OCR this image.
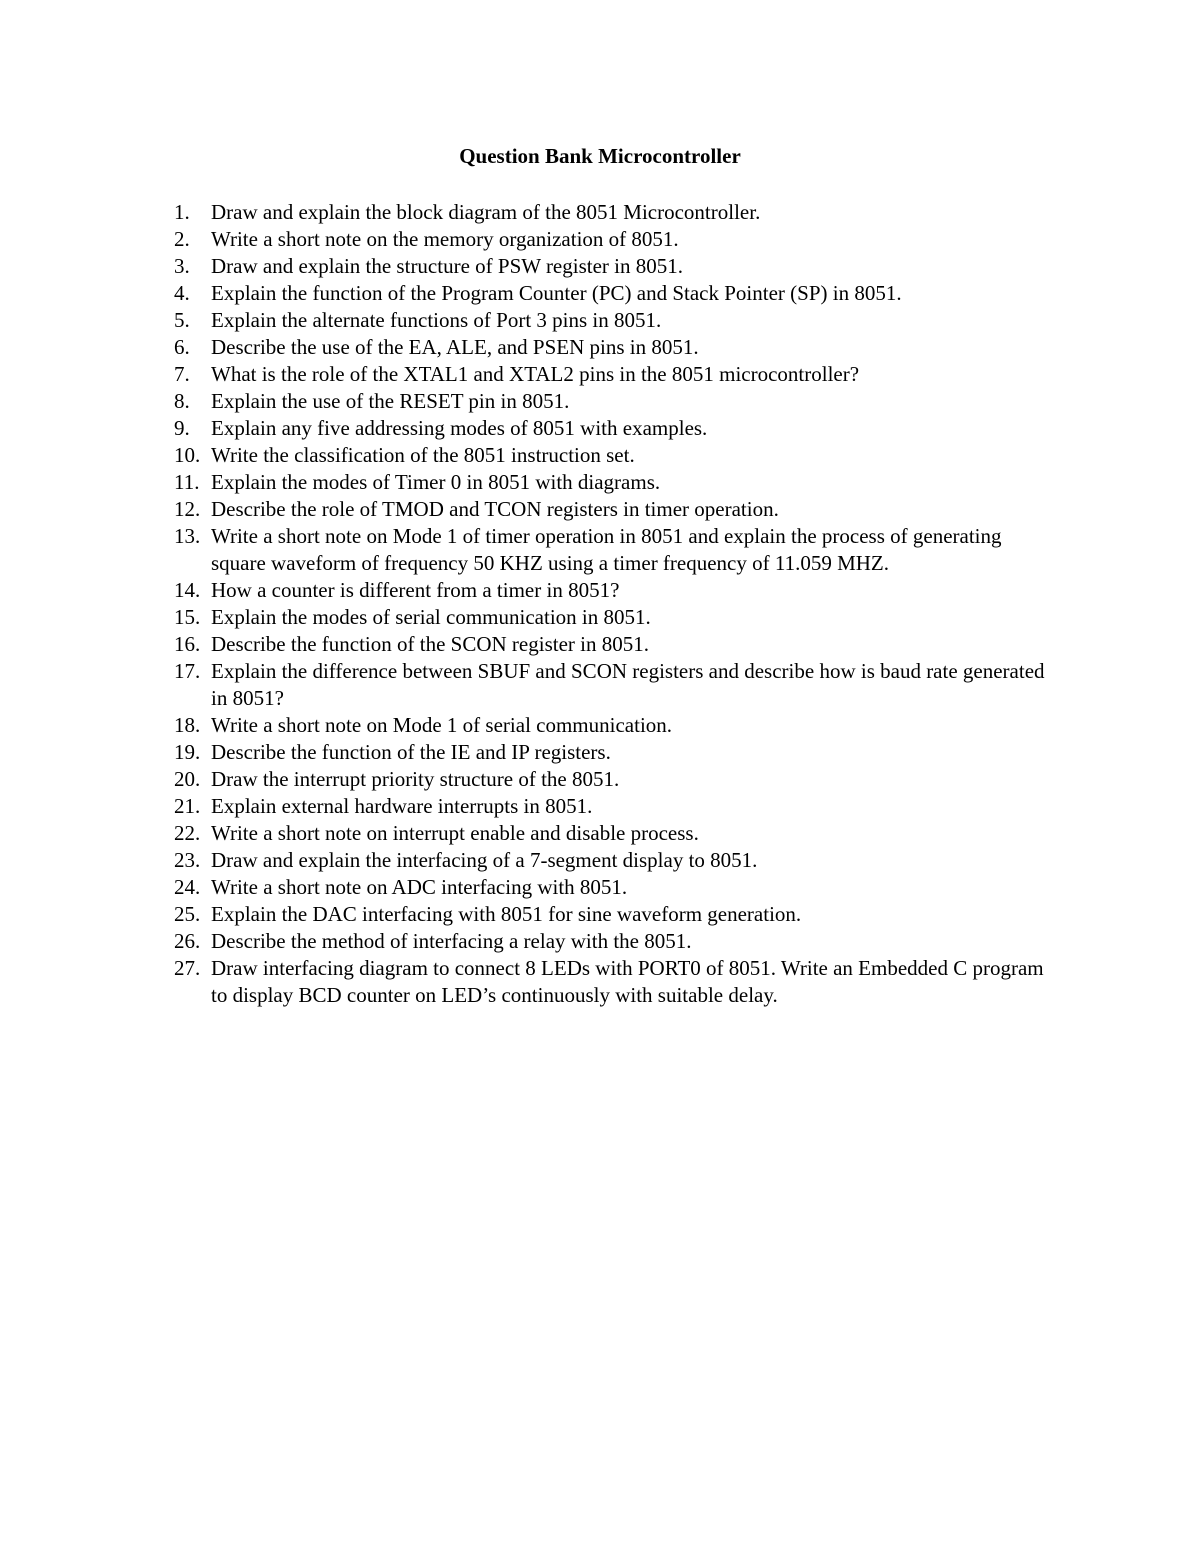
Question Bank Microcontroller
1.	Draw and explain the block diagram of the 8051 Microcontroller.
2.	Write a short note on the memory organization of 8051.
3.	Draw and explain the structure of PSW register in 8051.
4.	Explain the function of the Program Counter (PC) and Stack Pointer (SP) in 8051.
5.	Explain the alternate functions of Port 3 pins in 8051.
6.	Describe the use of the EA, ALE, and PSEN pins in 8051.
7.	What is the role of the XTAL1 and XTAL2 pins in the 8051 microcontroller?
8.	Explain the use of the RESET pin in 8051.
9.	Explain any five addressing modes of 8051 with examples.
10. Write the classification of the 8051 instruction set.
11. Explain the modes of Timer 0 in 8051 with diagrams.
12. Describe the role of TMOD and TCON registers in timer operation.
13. Write a short note on Mode 1 of timer operation in 8051 and explain the process of generating square waveform of frequency 50 KHZ using a timer frequency of 11.059 MHZ.
14. How a counter is different from a timer in 8051?
15. Explain the modes of serial communication in 8051.
16. Describe the function of the SCON register in 8051.
17. Explain the difference between SBUF and SCON registers and describe how is baud rate generated in 8051?
18. Write a short note on Mode 1 of serial communication.
19. Describe the function of the IE and IP registers.
20. Draw the interrupt priority structure of the 8051.
21. Explain external hardware interrupts in 8051.
22. Write a short note on interrupt enable and disable process.
23. Draw and explain the interfacing of a 7-segment display to 8051.
24. Write a short note on ADC interfacing with 8051.
25. Explain the DAC interfacing with 8051 for sine waveform generation.
26. Describe the method of interfacing a relay with the 8051.
27. Draw interfacing diagram to connect 8 LEDs with PORT0 of 8051. Write an Embedded C program to display BCD counter on LED’s continuously with suitable delay.
